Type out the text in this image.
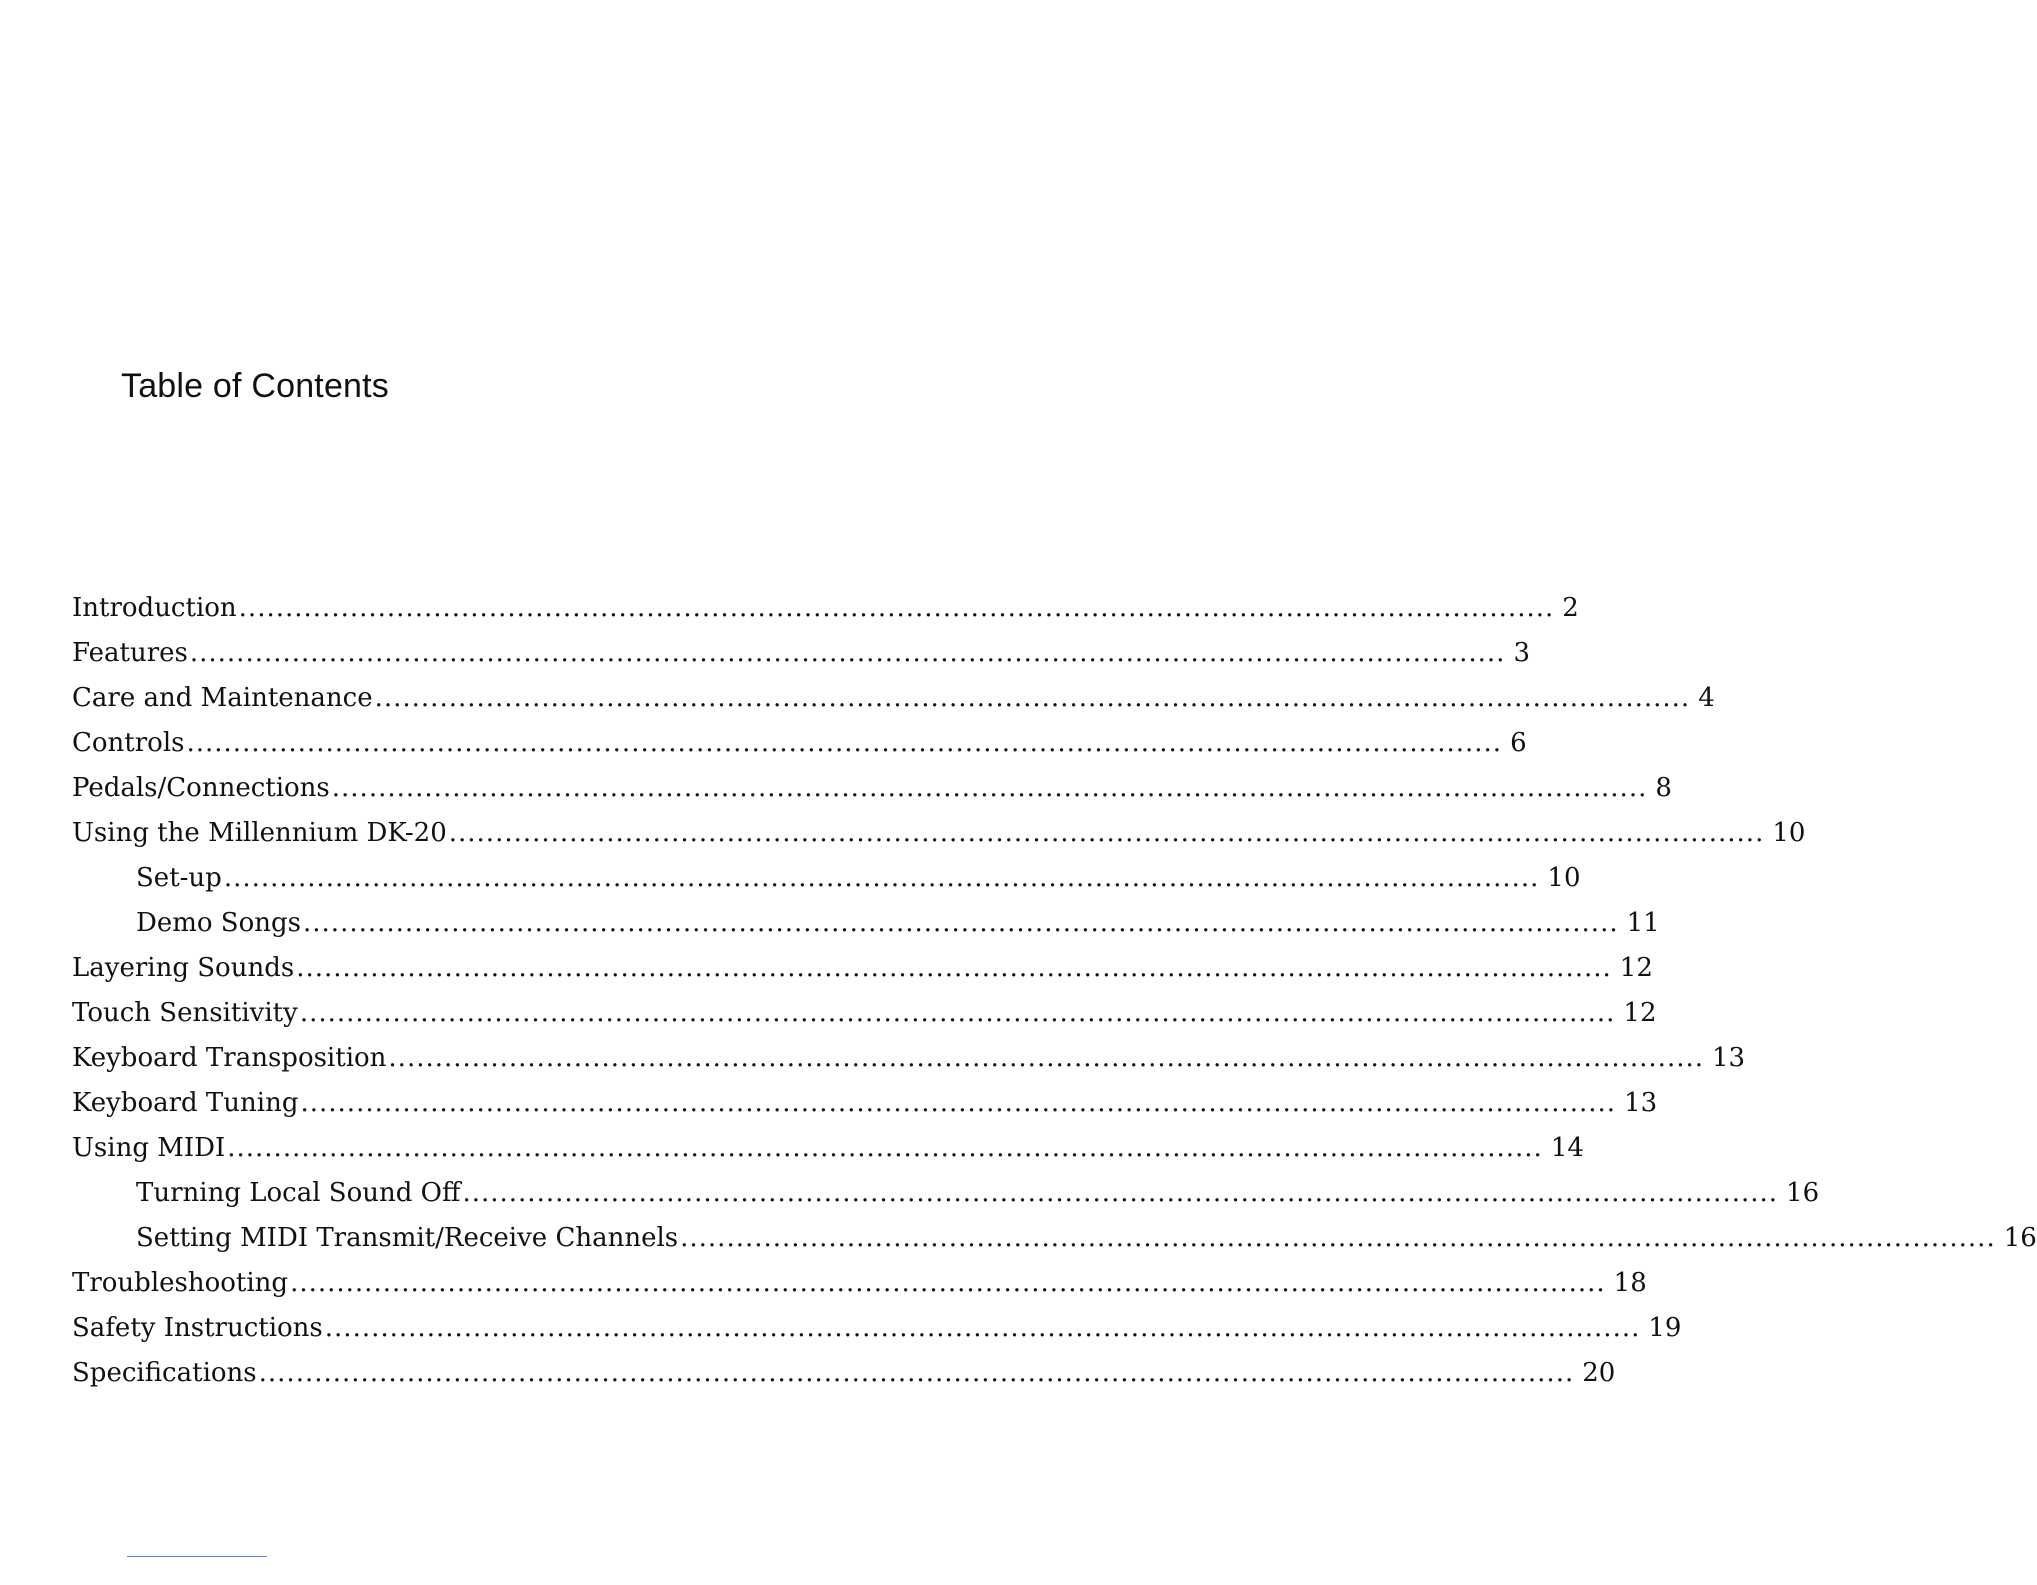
Table of Contents
Introduction .............................................................................................................................................. 2
Features .............................................................................................................................................. 3
Care and Maintenance .............................................................................................................................................. 4
Controls .............................................................................................................................................. 6
Pedals/Connections .............................................................................................................................................. 8
Using the Millennium DK-20 .............................................................................................................................................. 10
Set-up .............................................................................................................................................. 10
Demo Songs .............................................................................................................................................. 11
Layering Sounds .............................................................................................................................................. 12
Touch Sensitivity .............................................................................................................................................. 12
Keyboard Transposition .............................................................................................................................................. 13
Keyboard Tuning .............................................................................................................................................. 13
Using MIDI .............................................................................................................................................. 14
Turning Local Sound Off .............................................................................................................................................. 16
Setting MIDI Transmit/Receive Channels .............................................................................................................................................. 16
Troubleshooting .............................................................................................................................................. 18
Safety Instructions .............................................................................................................................................. 19
Specifications .............................................................................................................................................. 20
